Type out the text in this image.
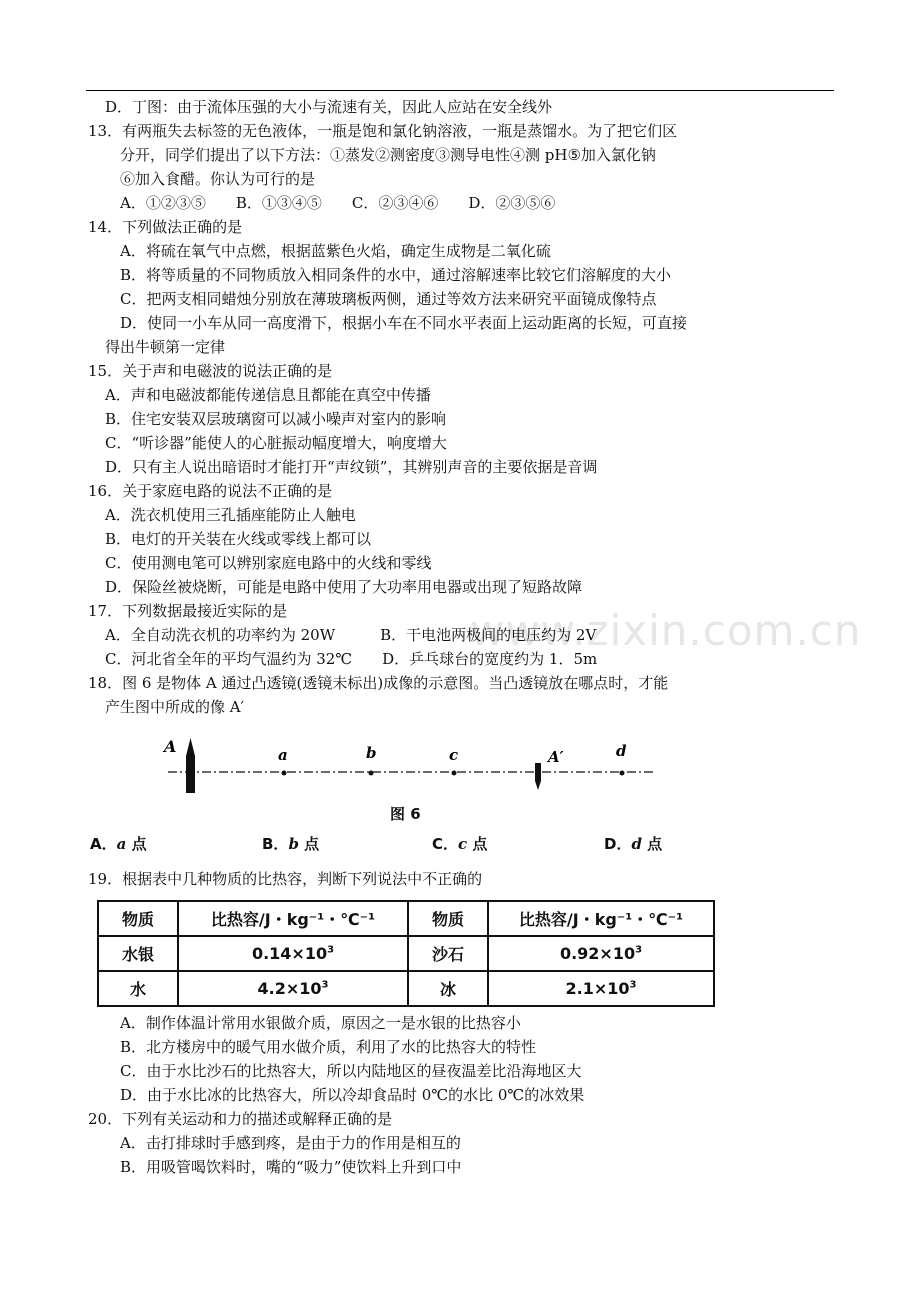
D．丁图：由于流体压强的大小与流速有关，因此人应站在安全线外
13．有两瓶失去标签的无色液体，一瓶是饱和氯化钠溶液，一瓶是蒸馏水。为了把它们区
分开，同学们提出了以下方法：①蒸发②测密度③测导电性④测 pH⑤加入氯化钠
⑥加入食醋。你认为可行的是
A．①②③⑤　　B．①③④⑤　　C．②③④⑥　　D．②③⑤⑥
14．下列做法正确的是
A．将硫在氧气中点燃，根据蓝紫色火焰，确定生成物是二氧化硫
B．将等质量的不同物质放入相同条件的水中，通过溶解速率比较它们溶解度的大小
C．把两支相同蜡烛分别放在薄玻璃板两侧，通过等效方法来研究平面镜成像特点
D．使同一小车从同一高度滑下，根据小车在不同水平表面上运动距离的长短，可直接
得出牛顿第一定律
15．关于声和电磁波的说法正确的是
A．声和电磁波都能传递信息且都能在真空中传播
B．住宅安装双层玻璃窗可以减小噪声对室内的影响
C．“听诊器”能使人的心脏振动幅度增大，响度增大
D．只有主人说出暗语时才能打开“声纹锁”，其辨别声音的主要依据是音调
16．关于家庭电路的说法不正确的是
A．洗衣机使用三孔插座能防止人触电
B．电灯的开关装在火线或零线上都可以
C．使用测电笔可以辨别家庭电路中的火线和零线
D．保险丝被烧断，可能是电路中使用了大功率用电器或出现了短路故障
www.zixin.com.cn
17．下列数据最接近实际的是
A．全自动洗衣机的功率约为 20W　　　B．干电池两极间的电压约为 2V
C．河北省全年的平均气温约为 32℃　　D．乒乓球台的宽度约为 1．5m
18．图 6 是物体 A 通过凸透镜(透镜未标出)成像的示意图。当凸透镜放在哪点时，才能
产生图中所成的像 A′
A	a	b	c	A′	d
图 6
A．a 点	B．b 点	C．c 点	D．d 点
19．根据表中几种物质的比热容，判断下列说法中不正确的
物质	比热容/J・kg⁻¹・℃⁻¹	物质	比热容/J・kg⁻¹・℃⁻¹
水银	$0.14\times 10^3$	沙石	$0.92\times 10^3$
水	$4.2\times 10^3$	冰	$2.1\times 10^3$
A．制作体温计常用水银做介质，原因之一是水银的比热容小
B．北方楼房中的暖气用水做介质，利用了水的比热容大的特性
C．由于水比沙石的比热容大，所以内陆地区的昼夜温差比沿海地区大
D．由于水比冰的比热容大，所以冷却食品时 0℃的水比 0℃的冰效果
20．下列有关运动和力的描述或解释正确的是
A．击打排球时手感到疼，是由于力的作用是相互的
B．用吸管喝饮料时，嘴的“吸力”使饮料上升到口中
